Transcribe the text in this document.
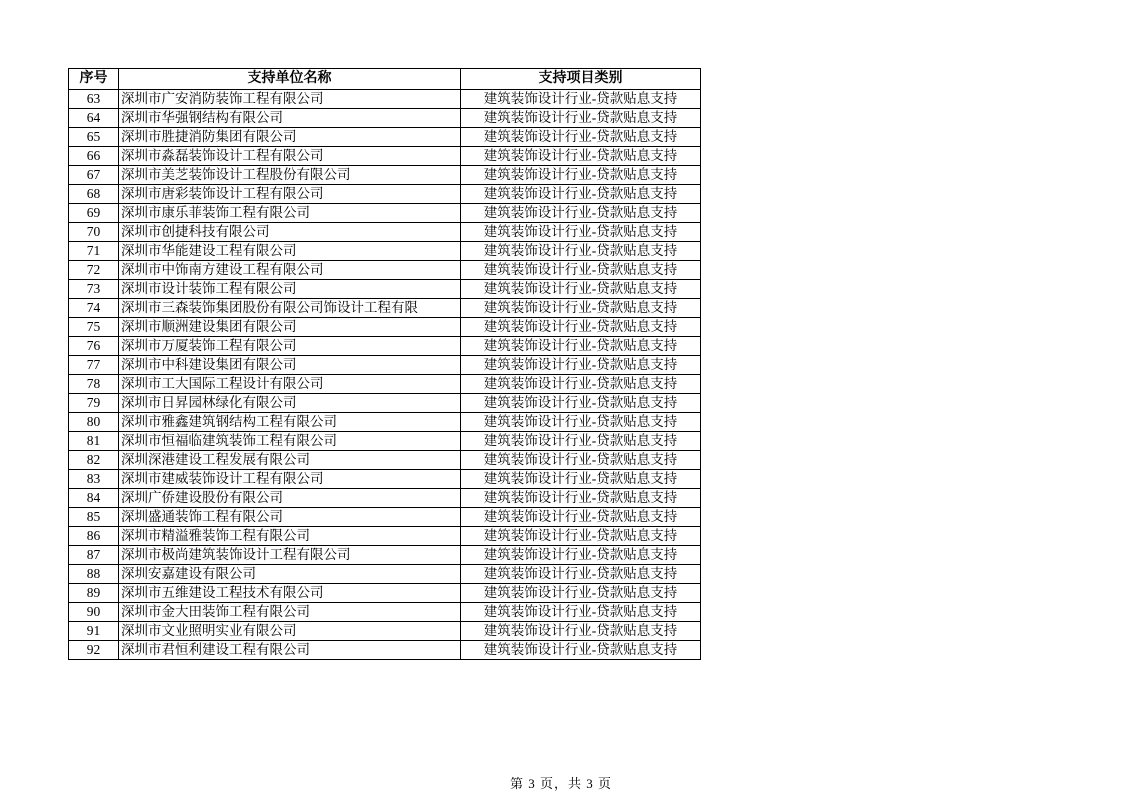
序号	支持单位名称	支持项目类别
63	深圳市广安消防装饰工程有限公司	建筑装饰设计行业-贷款贴息支持
64	深圳市华强钢结构有限公司	建筑装饰设计行业-贷款贴息支持
65	深圳市胜捷消防集团有限公司	建筑装饰设计行业-贷款贴息支持
66	深圳市淼磊装饰设计工程有限公司	建筑装饰设计行业-贷款贴息支持
67	深圳市美芝装饰设计工程股份有限公司	建筑装饰设计行业-贷款贴息支持
68	深圳市唐彩装饰设计工程有限公司	建筑装饰设计行业-贷款贴息支持
69	深圳市康乐菲装饰工程有限公司	建筑装饰设计行业-贷款贴息支持
70	深圳市创捷科技有限公司	建筑装饰设计行业-贷款贴息支持
71	深圳市华能建设工程有限公司	建筑装饰设计行业-贷款贴息支持
72	深圳市中饰南方建设工程有限公司	建筑装饰设计行业-贷款贴息支持
73	深圳市设计装饰工程有限公司	建筑装饰设计行业-贷款贴息支持
74	深圳市三森装饰集团股份有限公司饰设计工程有限	建筑装饰设计行业-贷款贴息支持
75	深圳市顺洲建设集团有限公司	建筑装饰设计行业-贷款贴息支持
76	深圳市万厦装饰工程有限公司	建筑装饰设计行业-贷款贴息支持
77	深圳市中科建设集团有限公司	建筑装饰设计行业-贷款贴息支持
78	深圳市工大国际工程设计有限公司	建筑装饰设计行业-贷款贴息支持
79	深圳市日昇园林绿化有限公司	建筑装饰设计行业-贷款贴息支持
80	深圳市雅鑫建筑钢结构工程有限公司	建筑装饰设计行业-贷款贴息支持
81	深圳市恒福临建筑装饰工程有限公司	建筑装饰设计行业-贷款贴息支持
82	深圳深港建设工程发展有限公司	建筑装饰设计行业-贷款贴息支持
83	深圳市建威装饰设计工程有限公司	建筑装饰设计行业-贷款贴息支持
84	深圳广侨建设股份有限公司	建筑装饰设计行业-贷款贴息支持
85	深圳盛通装饰工程有限公司	建筑装饰设计行业-贷款贴息支持
86	深圳市精溢雅装饰工程有限公司	建筑装饰设计行业-贷款贴息支持
87	深圳市极尚建筑装饰设计工程有限公司	建筑装饰设计行业-贷款贴息支持
88	深圳安嘉建设有限公司	建筑装饰设计行业-贷款贴息支持
89	深圳市五维建设工程技术有限公司	建筑装饰设计行业-贷款贴息支持
90	深圳市金大田装饰工程有限公司	建筑装饰设计行业-贷款贴息支持
91	深圳市文业照明实业有限公司	建筑装饰设计行业-贷款贴息支持
92	深圳市君恒利建设工程有限公司	建筑装饰设计行业-贷款贴息支持
第 3 页，共 3 页
